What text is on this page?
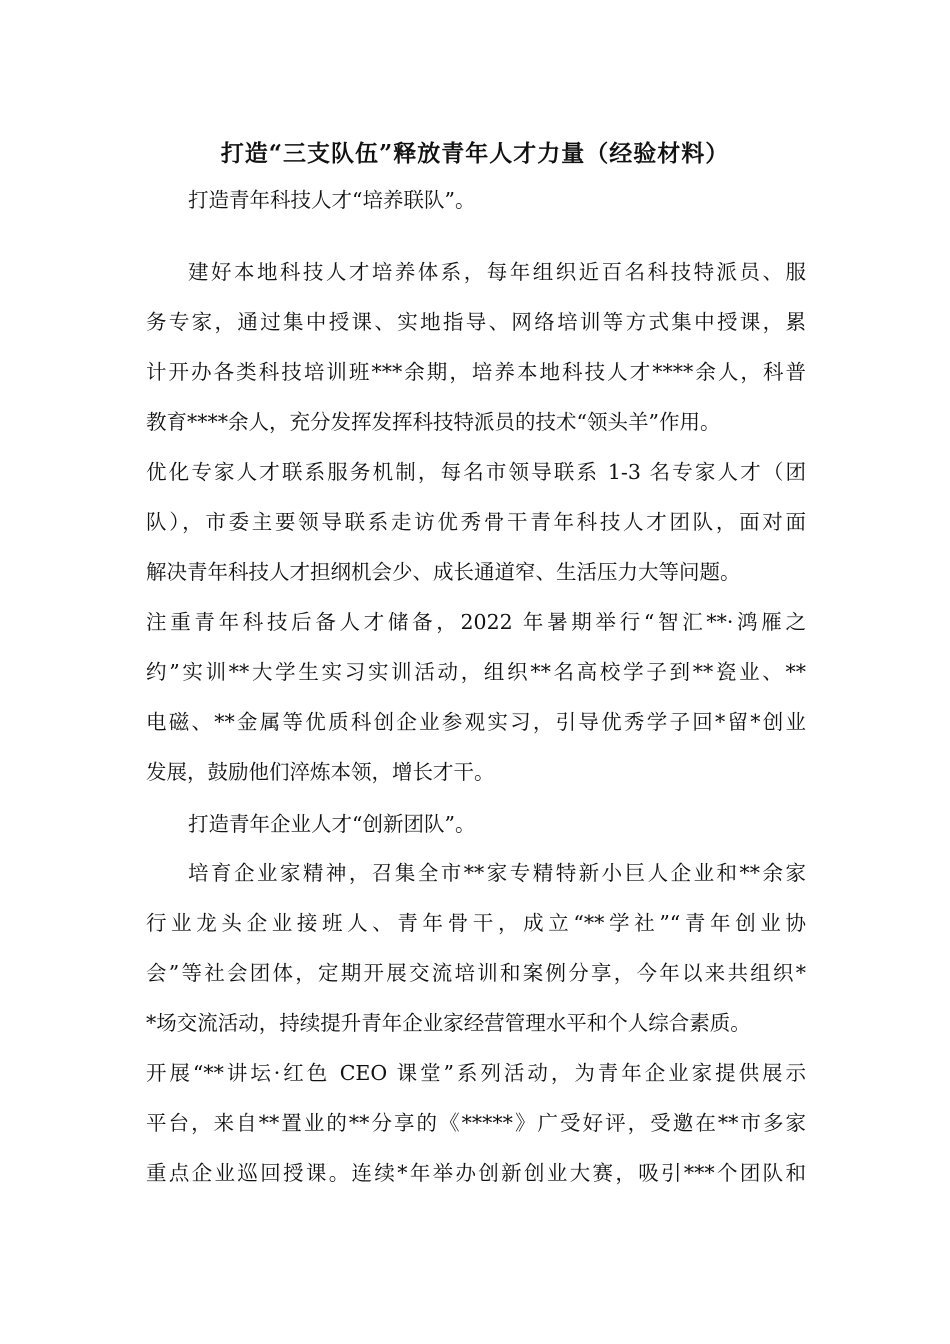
打造“三支队伍”释放青年人才力量（经验材料）
打造青年科技人才“培养联队”。
建好本地科技人才培养体系，每年组织近百名科技特派员、服
务专家，通过集中授课、实地指导、网络培训等方式集中授课，累
计开办各类科技培训班***余期，培养本地科技人才****余人，科普
教育****余人，充分发挥发挥科技特派员的技术“领头羊”作用。
优化专家人才联系服务机制，每名市领导联系 1-3 名专家人才（团
队），市委主要领导联系走访优秀骨干青年科技人才团队，面对面
解决青年科技人才担纲机会少、成长通道窄、生活压力大等问题。
注重青年科技后备人才储备，2022 年暑期举行“智汇**·鸿雁之
约”实训**大学生实习实训活动，组织**名高校学子到**瓷业、**
电磁、**金属等优质科创企业参观实习，引导优秀学子回*留*创业
发展，鼓励他们淬炼本领，增长才干。
打造青年企业人才“创新团队”。
培育企业家精神，召集全市**家专精特新小巨人企业和**余家
行业龙头企业接班人、青年骨干，成立“**学社”“青年创业协
会”等社会团体，定期开展交流培训和案例分享，今年以来共组织*
*场交流活动，持续提升青年企业家经营管理水平和个人综合素质。
开展“**讲坛·红色 CEO 课堂”系列活动，为青年企业家提供展示
平台，来自**置业的**分享的《*****》广受好评，受邀在**市多家
重点企业巡回授课。连续*年举办创新创业大赛，吸引***个团队和
